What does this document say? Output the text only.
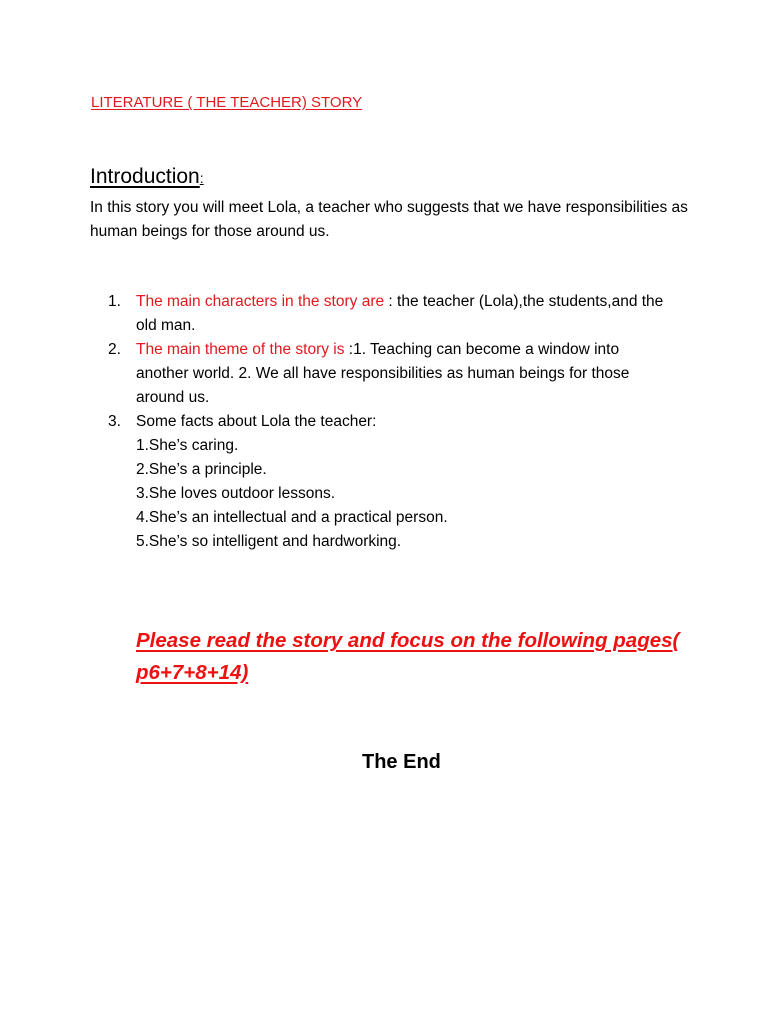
LITERATURE ( THE TEACHER) STORY
Introduction:
In this story you will meet Lola, a teacher who suggests that we have responsibilities as human beings for those around us.
1. The main characters in the story are : the teacher (Lola),the students,and the old man.
2. The main theme of the story is :1. Teaching can become a window into another world. 2. We all have responsibilities as human beings for those around us.
3. Some facts about Lola the teacher:
1.She’s caring.
2.She’s a principle.
3.She loves outdoor lessons.
4.She’s an intellectual and a practical person.
5.She’s so intelligent and hardworking.
Please read the story and focus on the following pages( p6+7+8+14)
The End
